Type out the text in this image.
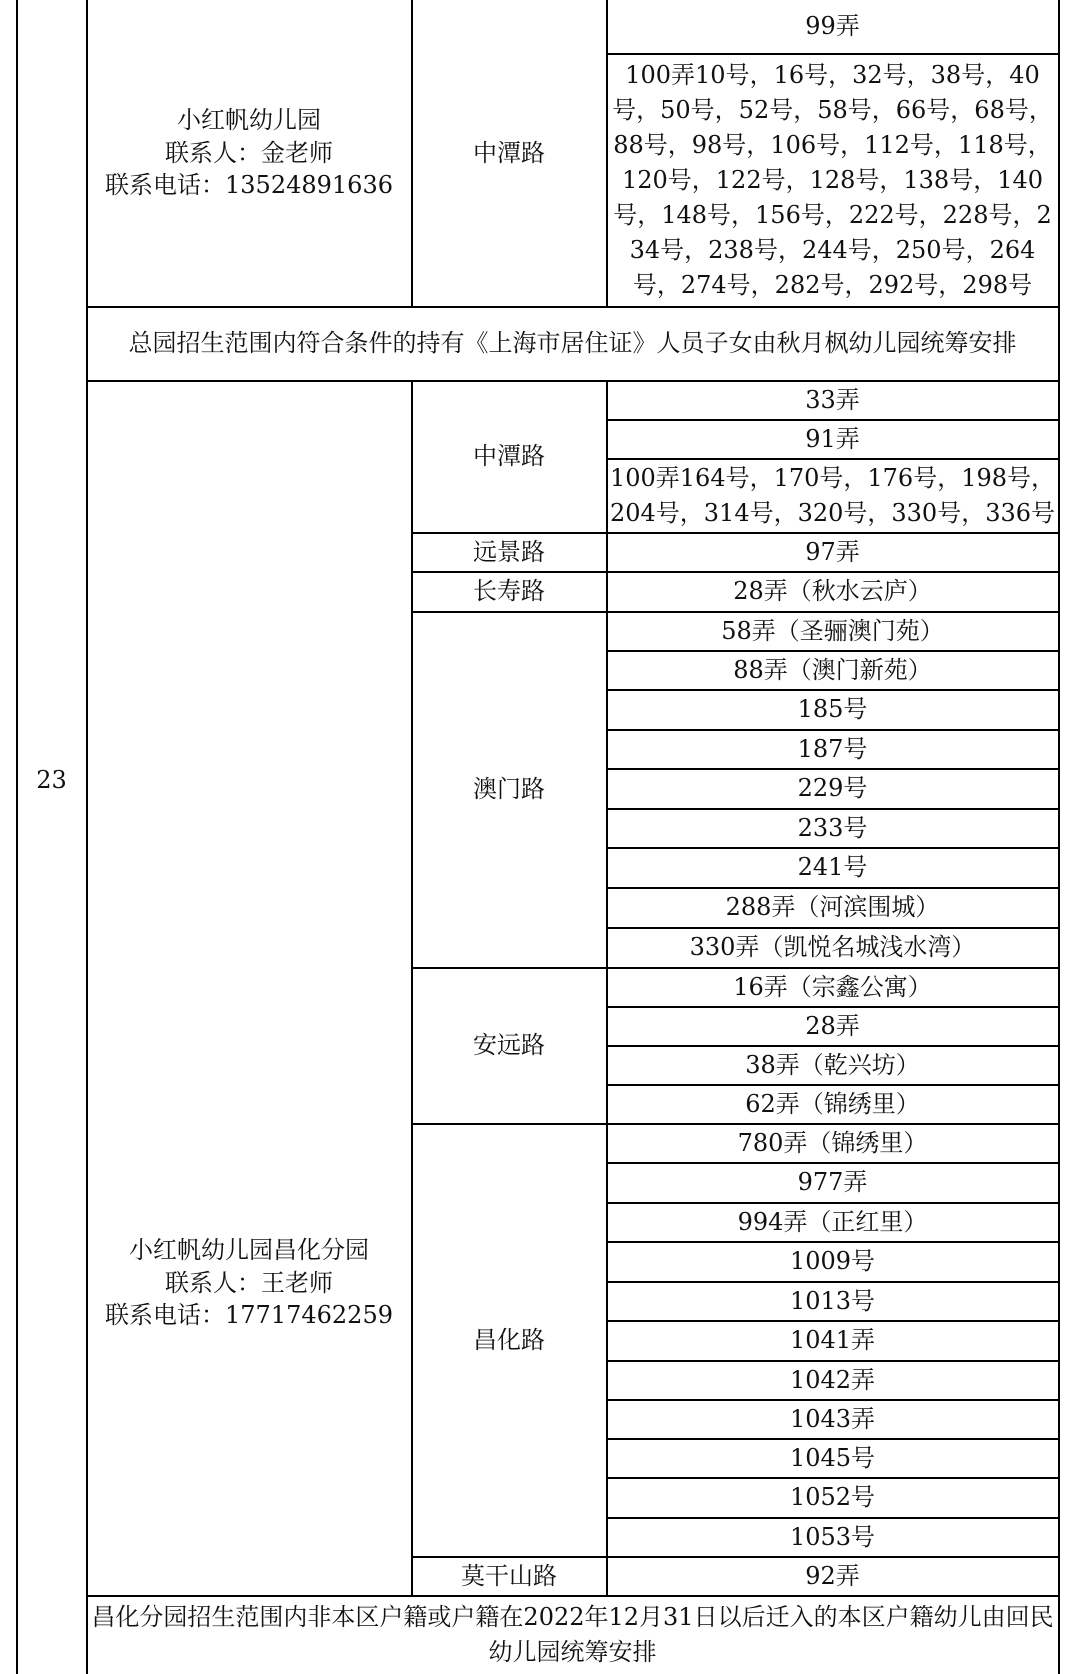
23
小红帆幼儿园
联系人：金老师
联系电话：13524891636
中潭路
99弄
100弄10号，16号，32号，38号，40号，50号，52号，58号，66号，68号，88号，98号，106号，112号，118号，120号，122号，128号，138号，140号，148号，156号，222号，228号，234号，238号，244号，250号，264号，274号，282号，292号，298号
总园招生范围内符合条件的持有《上海市居住证》人员子女由秋月枫幼儿园统筹安排
小红帆幼儿园昌化分园
联系人：王老师
联系电话：17717462259
中潭路
远景路
长寿路
澳门路
安远路
昌化路
莫干山路
33弄
91弄
100弄164号，170号，176号，198号，204号，314号，320号，330号，336号
97弄
28弄（秋水云庐）
58弄（圣骊澳门苑）
88弄（澳门新苑）
185号
187号
229号
233号
241号
288弄（河滨围城）
330弄（凯悦名城浅水湾）
16弄（宗鑫公寓）
28弄
38弄（乾兴坊）
62弄（锦绣里）
780弄（锦绣里）
977弄
994弄（正红里）
1009号
1013号
1041弄
1042弄
1043弄
1045号
1052号
1053号
92弄
昌化分园招生范围内非本区户籍或户籍在2022年12月31日以后迁入的本区户籍幼儿由回民幼儿园统筹安排
